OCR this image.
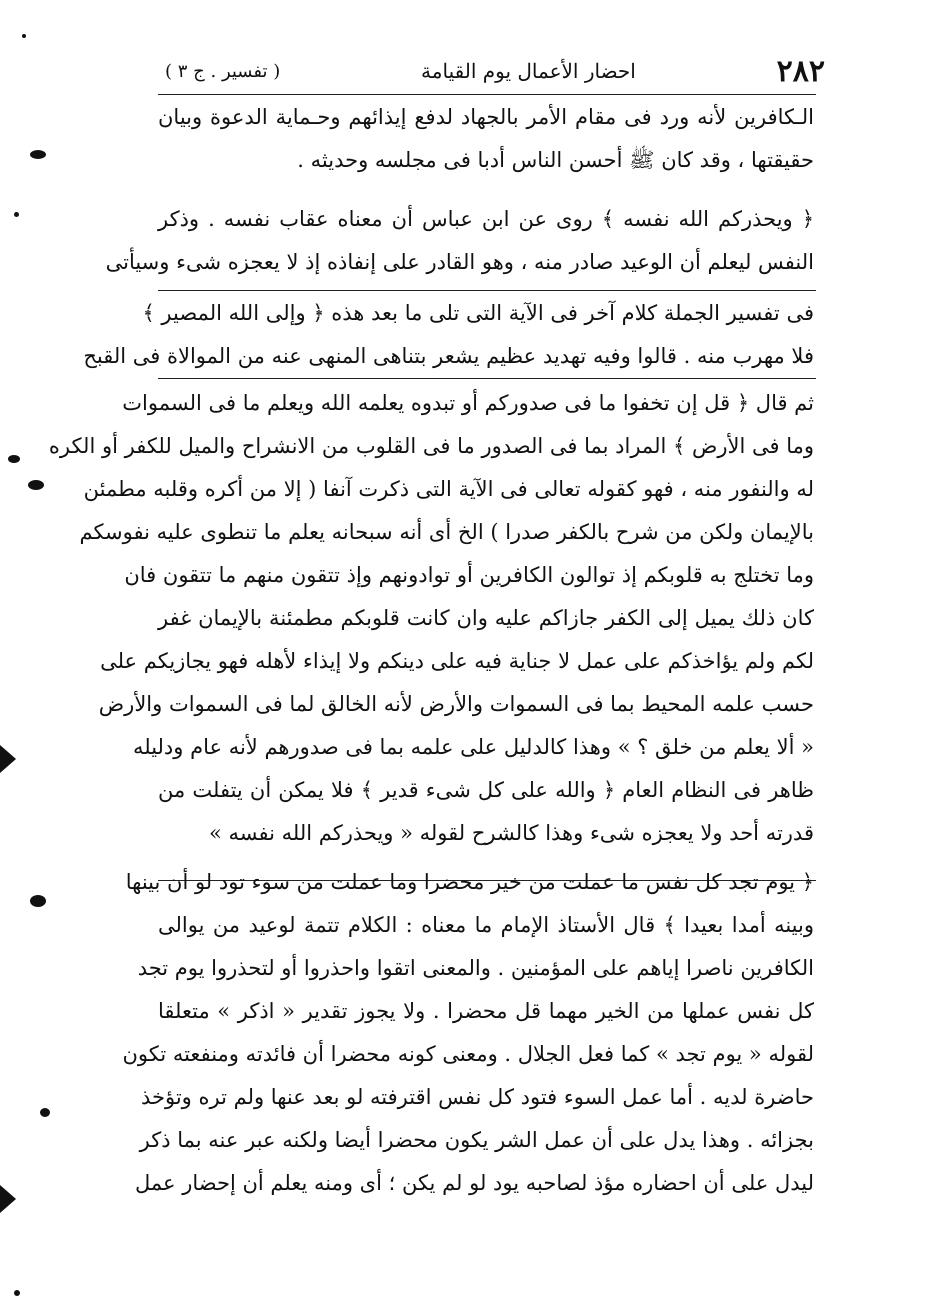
٢٨٢
احضار الأعمال يوم القيامة
( تفسير . ج ٣ )
الـكافرين لأنه ورد فى مقام الأمر بالجهاد لدفع إيذائهم وحـماية الدعوة وبيان
حقيقتها ، وقد كان ﷺ أحسن الناس أدبا فى مجلسه وحديثه .
﴿ ويحذركم الله نفسه ﴾ روى عن ابن عباس أن معناه عقاب نفسه . وذكر
النفس ليعلم أن الوعيد صادر منه ، وهو القادر على إنفاذه إذ لا يعجزه شىء وسيأتى
فى تفسير الجملة كلام آخر فى الآية التى تلى ما بعد هذه ﴿ وإلى الله المصير ﴾
فلا مهرب منه . قالوا وفيه تهديد عظيم يشعر بتناهى المنهى عنه من الموالاة فى القبح
ثم قال ﴿ قل إن تخفوا ما فى صدوركم أو تبدوه يعلمه الله ويعلم ما فى السموات
وما فى الأرض ﴾ المراد بما فى الصدور ما فى القلوب من الانشراح والميل للكفر أو الكره
له والنفور منه ، فهو كقوله تعالى فى الآية التى ذكرت آنفا ( إلا من أكره وقلبه مطمئن
بالإيمان ولكن من شرح بالكفر صدرا ) الخ أى أنه سبحانه يعلم ما تنطوى عليه نفوسكم
وما تختلج به قلوبكم إذ توالون الكافرين أو توادونهم وإذ تتقون منهم ما تتقون فان
كان ذلك يميل إلى الكفر جازاكم عليه وان كانت قلوبكم مطمئنة بالإيمان غفر
لكم ولم يؤاخذكم على عمل لا جناية فيه على دينكم ولا إيذاء لأهله فهو يجازيكم على
حسب علمه المحيط بما فى السموات والأرض لأنه الخالق لما فى السموات والأرض
« ألا يعلم من خلق ؟ » وهذا كالدليل على علمه بما فى صدورهم لأنه عام ودليله
ظاهر فى النظام العام ﴿ والله على كل شىء قدير ﴾ فلا يمكن أن يتفلت من
قدرته أحد ولا يعجزه شىء وهذا كالشرح لقوله « ويحذركم الله نفسه »
﴿ يوم تجد كل نفس ما عملت من خير محضرا وما عملت من سوء تود لو أن بينها
وبينه أمدا بعيدا ﴾ قال الأستاذ الإمام ما معناه : الكلام تتمة لوعيد من يوالى
الكافرين ناصرا إياهم على المؤمنين . والمعنى اتقوا واحذروا أو لتحذروا يوم تجد
كل نفس عملها من الخير مهما قل محضرا . ولا يجوز تقدير « اذكر » متعلقا
لقوله « يوم تجد » كما فعل الجلال . ومعنى كونه محضرا أن فائدته ومنفعته تكون
حاضرة لديه . أما عمل السوء فتود كل نفس اقترفته لو بعد عنها ولم تره وتؤخذ
بجزائه . وهذا يدل على أن عمل الشر يكون محضرا أيضا ولكنه عبر عنه بما ذكر
ليدل على أن احضاره مؤذ لصاحبه يود لو لم يكن ؛ أى ومنه يعلم أن إحضار عمل
